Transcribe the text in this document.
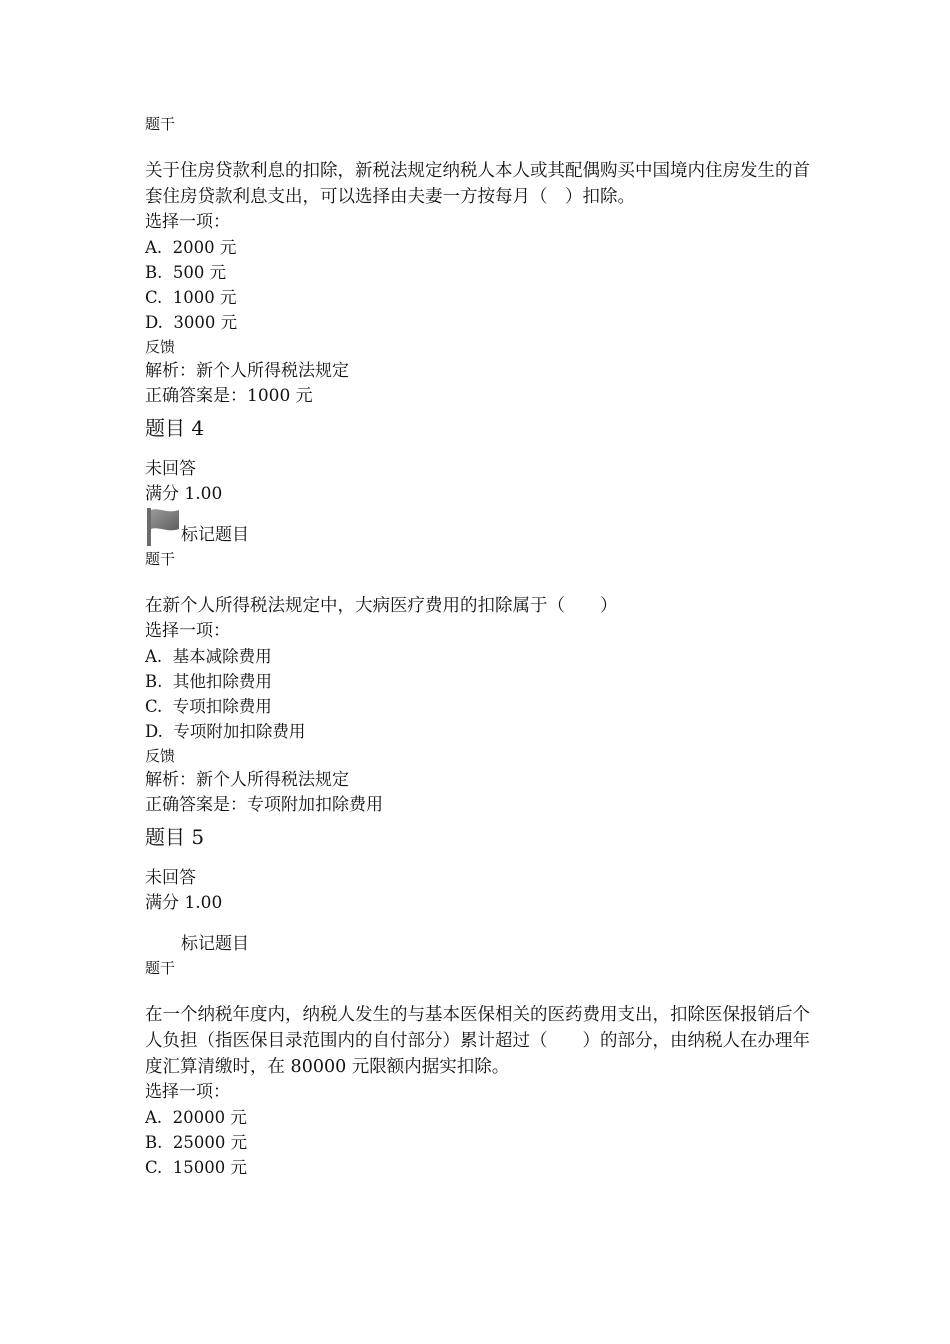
题干
关于住房贷款利息的扣除，新税法规定纳税人本人或其配偶购买中国境内住房发生的首套住房贷款利息支出，可以选择由夫妻一方按每月（　）扣除。
选择一项：
A.  2000 元
B.  500 元
C.  1000 元
D.  3000 元
反馈
解析：新个人所得税法规定
正确答案是：1000 元
题目 4
未回答
满分 1.00
标记题目
题干
在新个人所得税法规定中，大病医疗费用的扣除属于（　　）
选择一项：
A.  基本减除费用
B.  其他扣除费用
C.  专项扣除费用
D.  专项附加扣除费用
反馈
解析：新个人所得税法规定
正确答案是：专项附加扣除费用
题目 5
未回答
满分 1.00
标记题目
题干
在一个纳税年度内，纳税人发生的与基本医保相关的医药费用支出，扣除医保报销后个人负担（指医保目录范围内的自付部分）累计超过（　　）的部分，由纳税人在办理年度汇算清缴时，在 80000 元限额内据实扣除。
选择一项：
A.  20000 元
B.  25000 元
C.  15000 元
